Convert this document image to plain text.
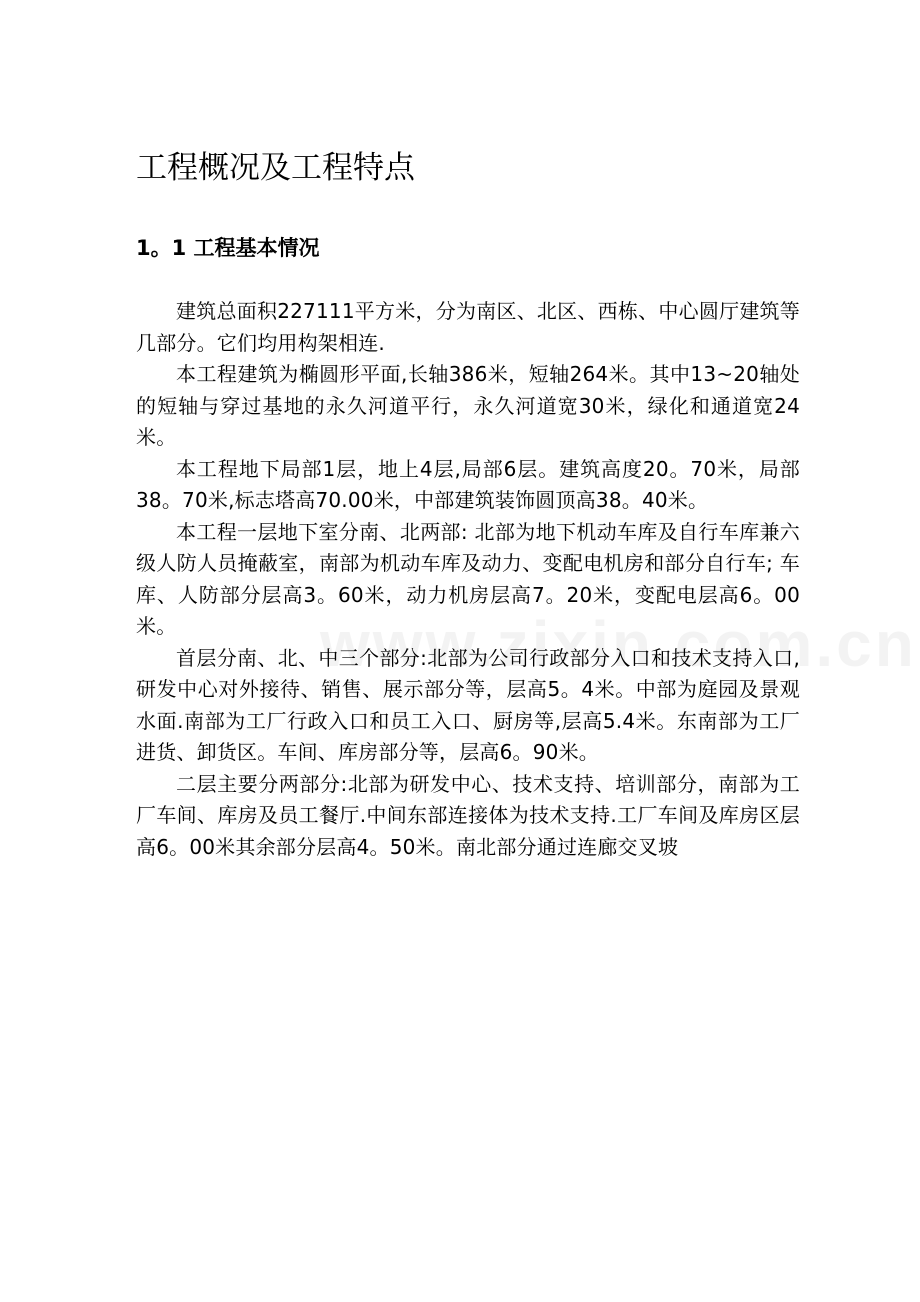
工程概况及工程特点
1。1 工程基本情况

建筑总面积227111平方米，分为南区、北区、西栋、中心圆厅建筑等几部分。它们均用构架相连.

本工程建筑为椭圆形平面,长轴386米，短轴264米。其中13~20轴处的短轴与穿过基地的永久河道平行，永久河道宽30米，绿化和通道宽24米。

本工程地下局部1层，地上4层,局部6层。建筑高度20。70米，局部38。70米,标志塔高70.00米，中部建筑装饰圆顶高38。40米。

本工程一层地下室分南、北两部: 北部为地下机动车库及自行车库兼六级人防人员掩蔽室，南部为机动车库及动力、变配电机房和部分自行车; 车库、人防部分层高3。60米，动力机房层高7。20米，变配电层高6。00米。

首层分南、北、中三个部分:北部为公司行政部分入口和技术支持入口,研发中心对外接待、销售、展示部分等，层高5。4米。中部为庭园及景观水面.南部为工厂行政入口和员工入口、厨房等,层高5.4米。东南部为工厂进货、卸货区。车间、库房部分等，层高6。90米。

二层主要分两部分:北部为研发中心、技术支持、培训部分，南部为工厂车间、库房及员工餐厅.中间东部连接体为技术支持.工厂车间及库房区层高6。00米其余部分层高4。50米。南北部分通过连廊交叉坡
